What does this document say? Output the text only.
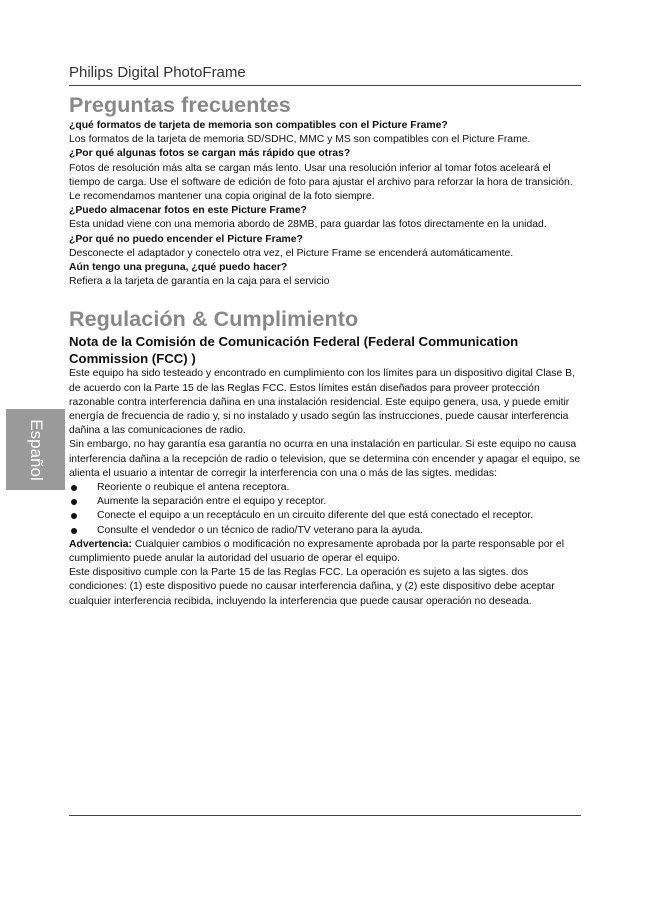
Philips Digital PhotoFrame
Español
Preguntas frecuentes

¿qué formatos de tarjeta de memoria son compatibles con el Picture Frame?

Los formatos de la tarjeta de memoria SD/SDHC, MMC y MS son compatibles con el Picture Frame.

¿Por qué algunas fotos se cargan más rápido que otras?

Fotos de resolución más alta se cargan más lento. Usar una resolución inferior al tomar fotos aceleará el tiempo de carga. Use el software de edición de foto para ajustar el archivo para reforzar la hora de transición. Le recomendamos mantener una copia original de la foto siempre.

¿Puedo almacenar fotos en este Picture Frame?

Esta unidad viene con una memoria abordo de 28MB, para guardar las fotos directamente en la unidad.

¿Por qué no puedo encender el Picture Frame?

Desconecte el adaptador y conectelo otra vez, el Picture Frame se encenderá automáticamente.

Aún tengo una preguna, ¿qué puedo hacer?

Refiera a la tarjeta de garantía en la caja para el servicio

Regulación & Cumplimiento

Nota de la Comisión de Comunicación Federal (Federal Communication Commission (FCC) )

Este equipo ha sido testeado y encontrado en cumplimiento con los límites para un dispositivo digital Clase B, de acuerdo con la Parte 15 de las Reglas FCC. Estos límites están diseñados para proveer protección razonable contra interferencia dañina en una instalación residencial. Este equipo genera, usa, y puede emitir energía de frecuencia de radio y, si no instalado y usado según las instrucciones, puede causar interferencia dañina a las comunicaciones de radio.

Sin embargo, no hay garantía esa garantía no ocurra en una instalación en particular. Si este equipo no causa interferencia dañina a la recepción de radio o television, que se determina con encender y apagar el equipo, se alienta el usuario a intentar de corregir la interferencia con una o más de las sigtes. medidas:

Reoriente o reubique el antena receptora.
Aumente la separación entre el equipo y receptor.
Conecte el equipo a un receptáculo en un circuito diferente del que está conectado el receptor.
Consulte el vendedor o un técnico de radio/TV veterano para la ayuda.

Advertencia: Cualquier cambios o modificación no expresamente aprobada por la parte responsable por el cumplimiento puede anular la autoridad del usuario de operar el equipo.

Este dispositivo cumple con la Parte 15 de las Reglas FCC. La operación es sujeto a las sigtes. dos condiciones: (1) este dispositivo puede no causar interferencia dañina, y (2) este dispositivo debe aceptar cualquier interferencia recibida, incluyendo la interferencia que puede causar operación no deseada.
